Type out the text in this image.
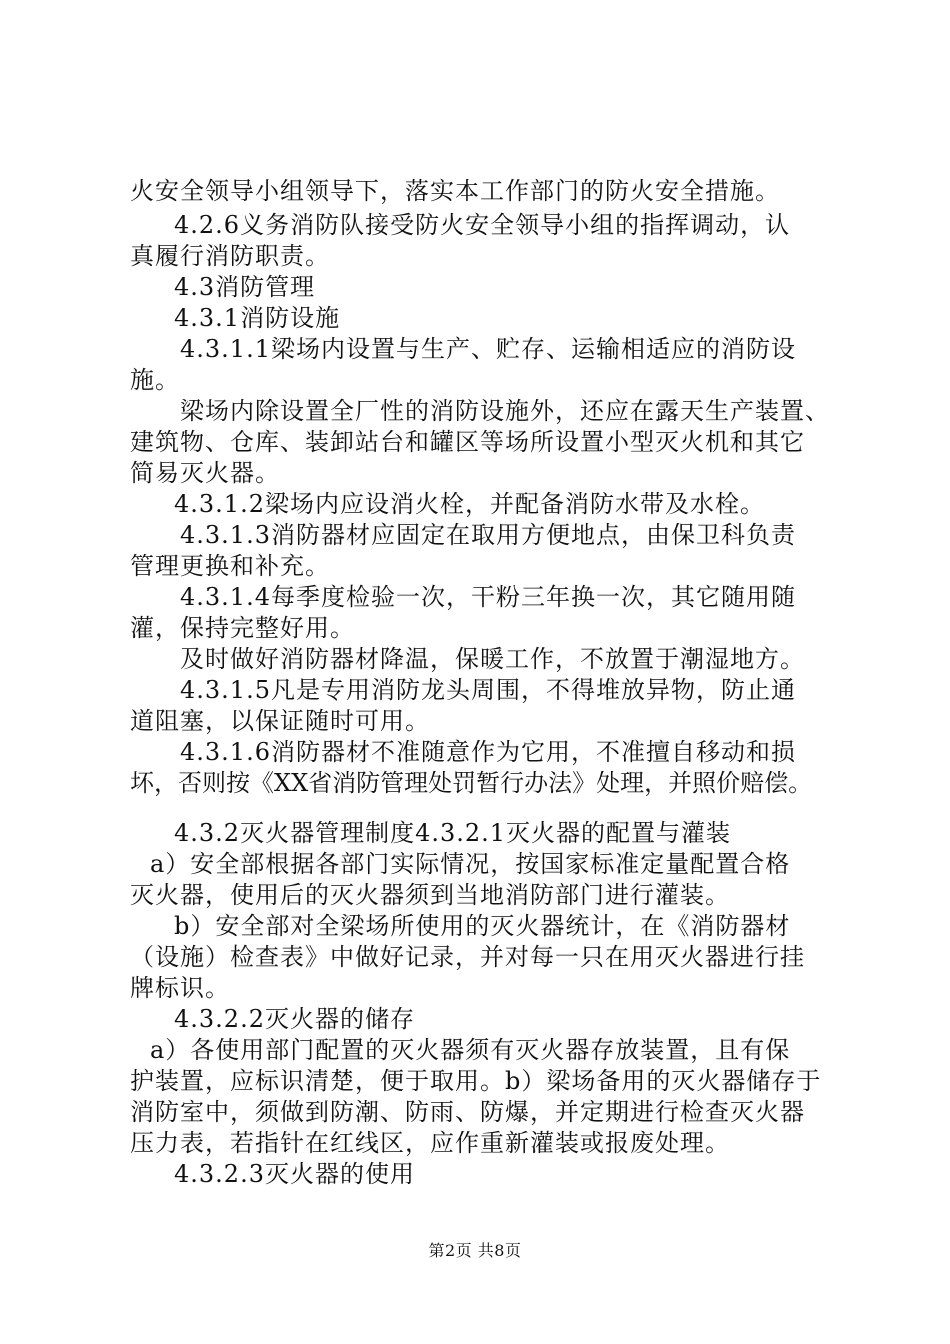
火安全领导小组领导下，落实本工作部门的防火安全措施。
4.2.6义务消防队接受防火安全领导小组的指挥调动，认
真履行消防职责。
4.3消防管理
4.3.1消防设施
4.3.1.1梁场内设置与生产、贮存、运输相适应的消防设
施。
梁场内除设置全厂性的消防设施外，还应在露天生产装置、
建筑物、仓库、装卸站台和罐区等场所设置小型灭火机和其它
简易灭火器。
4.3.1.2梁场内应设消火栓，并配备消防水带及水栓。
4.3.1.3消防器材应固定在取用方便地点，由保卫科负责
管理更换和补充。
4.3.1.4每季度检验一次，干粉三年换一次，其它随用随
灌，保持完整好用。
及时做好消防器材降温，保暖工作，不放置于潮湿地方。
4.3.1.5凡是专用消防龙头周围，不得堆放异物，防止通
道阻塞，以保证随时可用。
4.3.1.6消防器材不准随意作为它用，不准擅自移动和损
坏，否则按《XX省消防管理处罚暂行办法》处理，并照价赔偿。
4.3.2灭火器管理制度4.3.2.1灭火器的配置与灌装
a）安全部根据各部门实际情况，按国家标准定量配置合格
灭火器，使用后的灭火器须到当地消防部门进行灌装。
b）安全部对全梁场所使用的灭火器统计，在《消防器材
（设施）检查表》中做好记录，并对每一只在用灭火器进行挂
牌标识。
4.3.2.2灭火器的储存
a）各使用部门配置的灭火器须有灭火器存放装置，且有保
护装置，应标识清楚，便于取用。b）梁场备用的灭火器储存于
消防室中，须做到防潮、防雨、防爆，并定期进行检查灭火器
压力表，若指针在红线区，应作重新灌装或报废处理。
4.3.2.3灭火器的使用
第2页 共8页
